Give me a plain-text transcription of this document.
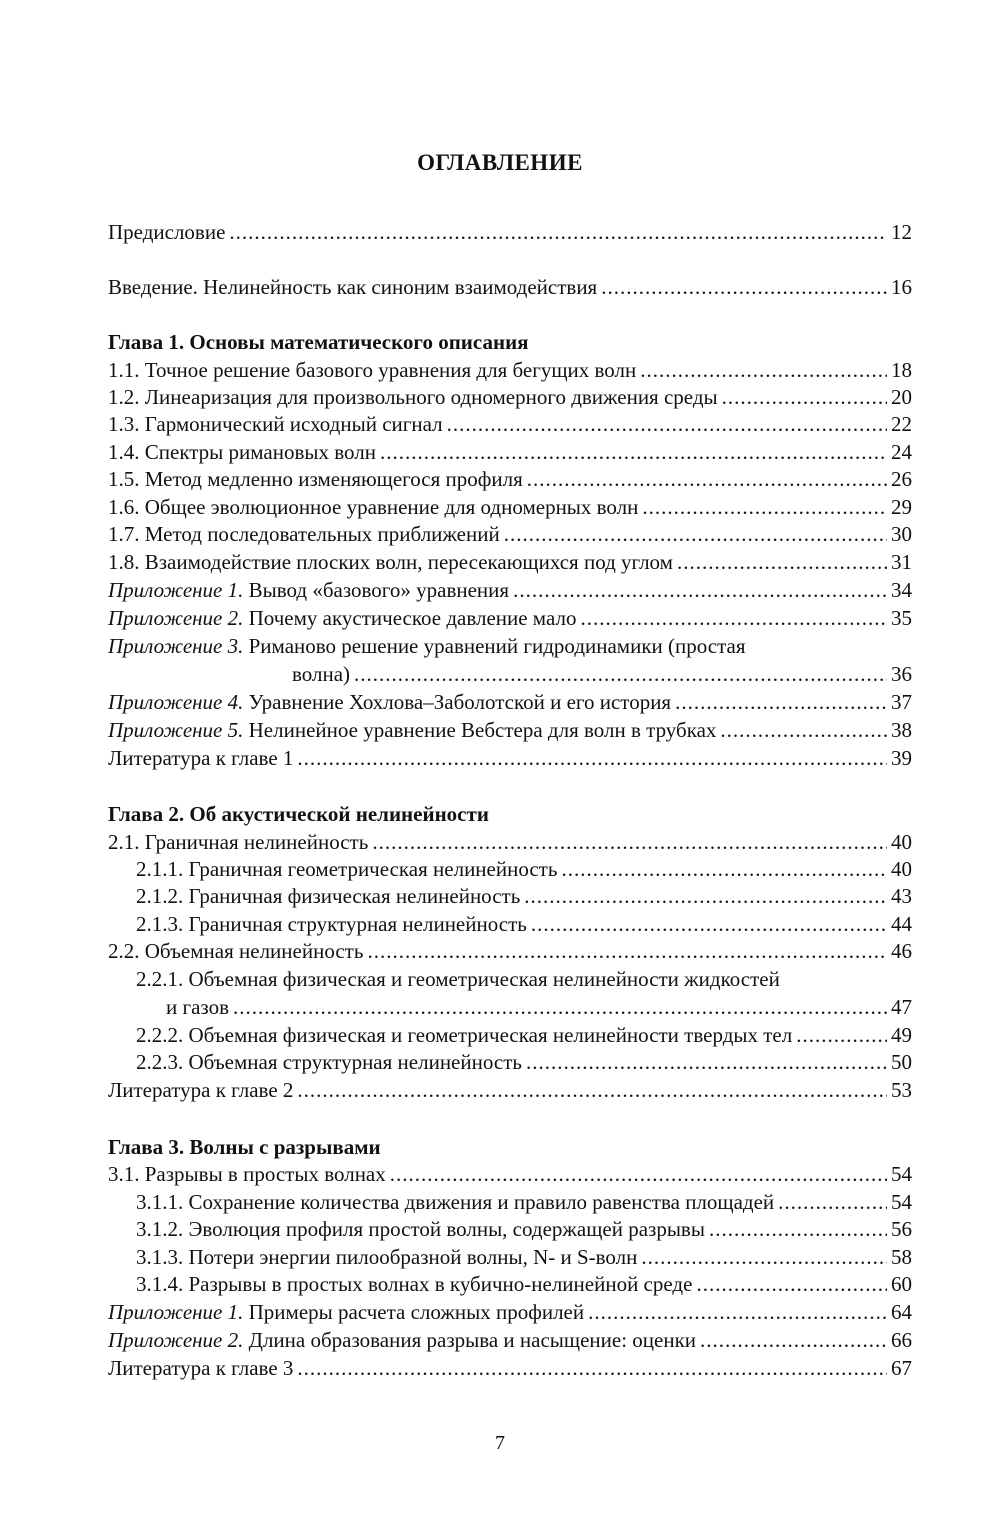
ОГЛАВЛЕНИЕ
Предисловие .....	12
Введение. Нелинейность как синоним взаимодействия .....	16
Глава 1. Основы математического описания
1.1. Точное решение базового уравнения для бегущих волн .....	18
1.2. Линеаризация для произвольного одномерного движения среды .....	20
1.3. Гармонический исходный сигнал .....	22
1.4. Спектры римановых волн .....	24
1.5. Метод медленно изменяющегося профиля .....	26
1.6. Общее эволюционное уравнение для одномерных волн .....	29
1.7. Метод последовательных приближений .....	30
1.8. Взаимодействие плоских волн, пересекающихся под углом .....	31
Приложение 1. Вывод «базового» уравнения .....	34
Приложение 2. Почему акустическое давление мало .....	35
Приложение 3. Риманово решение уравнений гидродинамики (простая
волна) .....	36
Приложение 4. Уравнение Хохлова–Заболотской и его история .....	37
Приложение 5. Нелинейное уравнение Вебстера для волн в трубках .....	38
Литература к главе 1 .....	39
Глава 2. Об акустической нелинейности
2.1. Граничная нелинейность .....	40
2.1.1. Граничная геометрическая нелинейность .....	40
2.1.2. Граничная физическая нелинейность .....	43
2.1.3. Граничная структурная нелинейность .....	44
2.2. Объемная нелинейность .....	46
2.2.1. Объемная физическая и геометрическая нелинейности жидкостей
и газов .....	47
2.2.2. Объемная физическая и геометрическая нелинейности твердых тел .....	49
2.2.3. Объемная структурная нелинейность .....	50
Литература к главе 2 .....	53
Глава 3. Волны с разрывами
3.1. Разрывы в простых волнах .....	54
3.1.1. Сохранение количества движения и правило равенства площадей .....	54
3.1.2. Эволюция профиля простой волны, содержащей разрывы .....	56
3.1.3. Потери энергии пилообразной волны, N- и S-волн .....	58
3.1.4. Разрывы в простых волнах в кубично-нелинейной среде .....	60
Приложение 1. Примеры расчета сложных профилей .....	64
Приложение 2. Длина образования разрыва и насыщение: оценки .....	66
Литература к главе 3 .....	67
7
